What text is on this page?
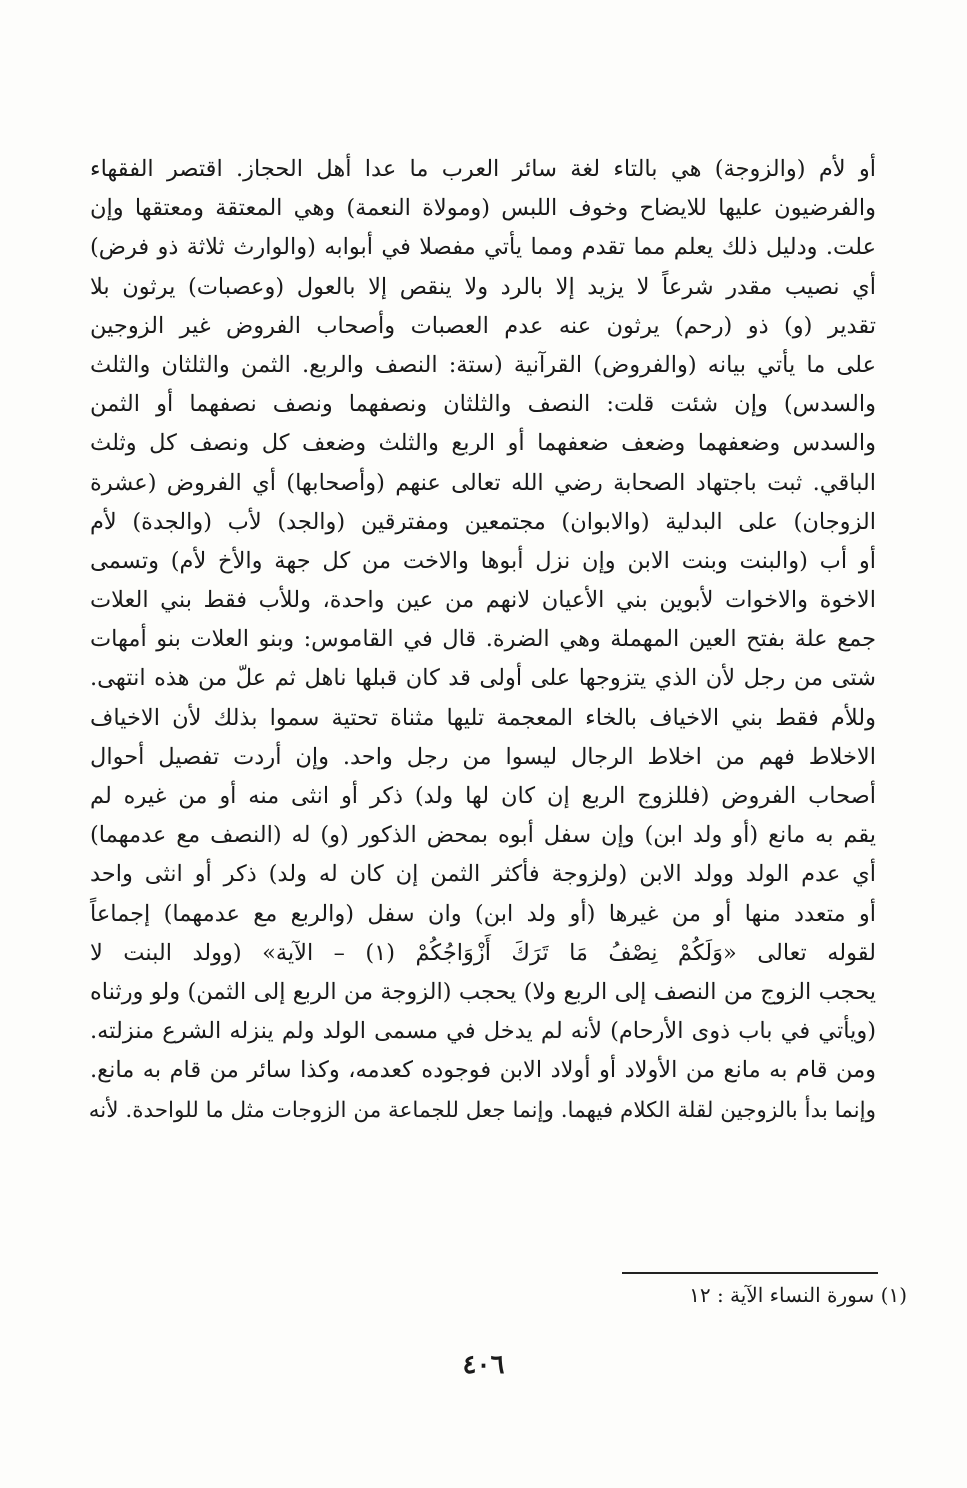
أو لأم (والزوجة) هي بالتاء لغة سائر العرب ما عدا أهل الحجاز. اقتصر الفقهاء
والفرضيون عليها للايضاح وخوف اللبس (ومولاة النعمة) وهي المعتقة ومعتقها وإن
علت. ودليل ذلك يعلم مما تقدم ومما يأتي مفصلا في أبوابه (والوارث ثلاثة ذو فرض)
أي نصيب مقدر شرعاً لا يزيد إلا بالرد ولا ينقص إلا بالعول (وعصبات) يرثون بلا
تقدير (و) ذو (رحم) يرثون عنه عدم العصبات وأصحاب الفروض غير الزوجين
على ما يأتي بيانه (والفروض) القرآنية (ستة: النصف والربع. الثمن والثلثان والثلث
والسدس) وإن شئت قلت: النصف والثلثان ونصفهما ونصف نصفهما أو الثمن
والسدس وضعفهما وضعف ضعفهما أو الربع والثلث وضعف كل ونصف كل وثلث
الباقي. ثبت باجتهاد الصحابة رضي الله تعالى عنهم (وأصحابها) أي الفروض (عشرة
الزوجان) على البدلية (والابوان) مجتمعين ومفترقين (والجد) لأب (والجدة) لأم
أو أب (والبنت وبنت الابن وإن نزل أبوها والاخت من كل جهة والأخ لأم) وتسمى
الاخوة والاخوات لأبوين بني الأعيان لانهم من عين واحدة، وللأب فقط بني العلات
جمع علة بفتح العين المهملة وهي الضرة. قال في القاموس: وبنو العلات بنو أمهات
شتى من رجل لأن الذي يتزوجها على أولى قد كان قبلها ناهل ثم علّ من هذه انتهى.
وللأم فقط بني الاخياف بالخاء المعجمة تليها مثناة تحتية سموا بذلك لأن الاخياف
الاخلاط فهم من اخلاط الرجال ليسوا من رجل واحد. وإن أردت تفصيل أحوال
أصحاب الفروض (فللزوج الربع إن كان لها ولد) ذكر أو انثى منه أو من غيره لم
يقم به مانع (أو ولد ابن) وإن سفل أبوه بمحض الذكور (و) له (النصف مع عدمهما)
أي عدم الولد وولد الابن (ولزوجة فأكثر الثمن إن كان له ولد) ذكر أو انثى واحد
أو متعدد منها أو من غيرها (أو ولد ابن) وان سفل (والربع مع عدمهما) إجماعاً
لقوله تعالى «وَلَكُمْ نِصْفُ مَا تَرَكَ أَزْوَاجُكُمْ (١) – الآية» (وولد البنت لا
يحجب الزوج من النصف إلى الربع ولا) يحجب (الزوجة من الربع إلى الثمن) ولو ورثناه
(ويأتي في باب ذوى الأرحام) لأنه لم يدخل في مسمى الولد ولم ينزله الشرع منزلته.
ومن قام به مانع من الأولاد أو أولاد الابن فوجوده كعدمه، وكذا سائر من قام به مانع.
وإنما بدأ بالزوجين لقلة الكلام فيهما. وإنما جعل للجماعة من الزوجات مثل ما للواحدة. لأنه
(١) سورة النساء الآية : ١٢
٤٠٦
